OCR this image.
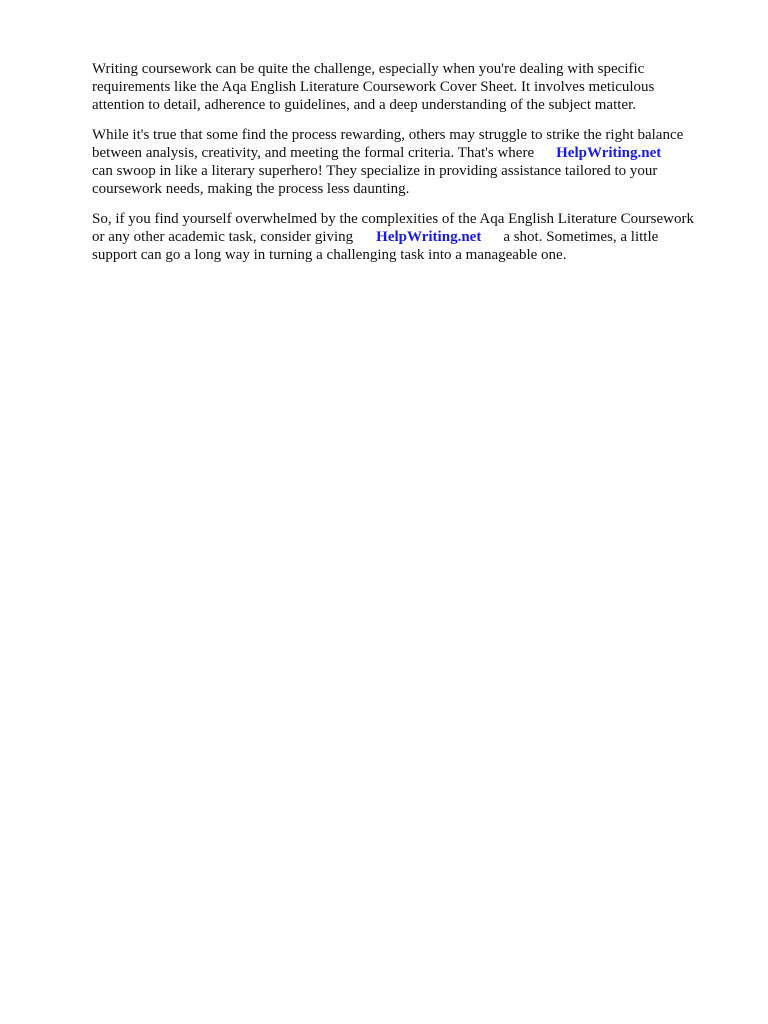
Writing coursework can be quite the challenge, especially when you're dealing with specific
requirements like the Aqa English Literature Coursework Cover Sheet. It involves meticulous
attention to detail, adherence to guidelines, and a deep understanding of the subject matter.

While it's true that some find the process rewarding, others may struggle to strike the right balance
between analysis, creativity, and meeting the formal criteria. That's where HelpWriting.net
can swoop in like a literary superhero! They specialize in providing assistance tailored to your
coursework needs, making the process less daunting.

So, if you find yourself overwhelmed by the complexities of the Aqa English Literature Coursework
or any other academic task, consider giving HelpWriting.net a shot. Sometimes, a little
support can go a long way in turning a challenging task into a manageable one.
